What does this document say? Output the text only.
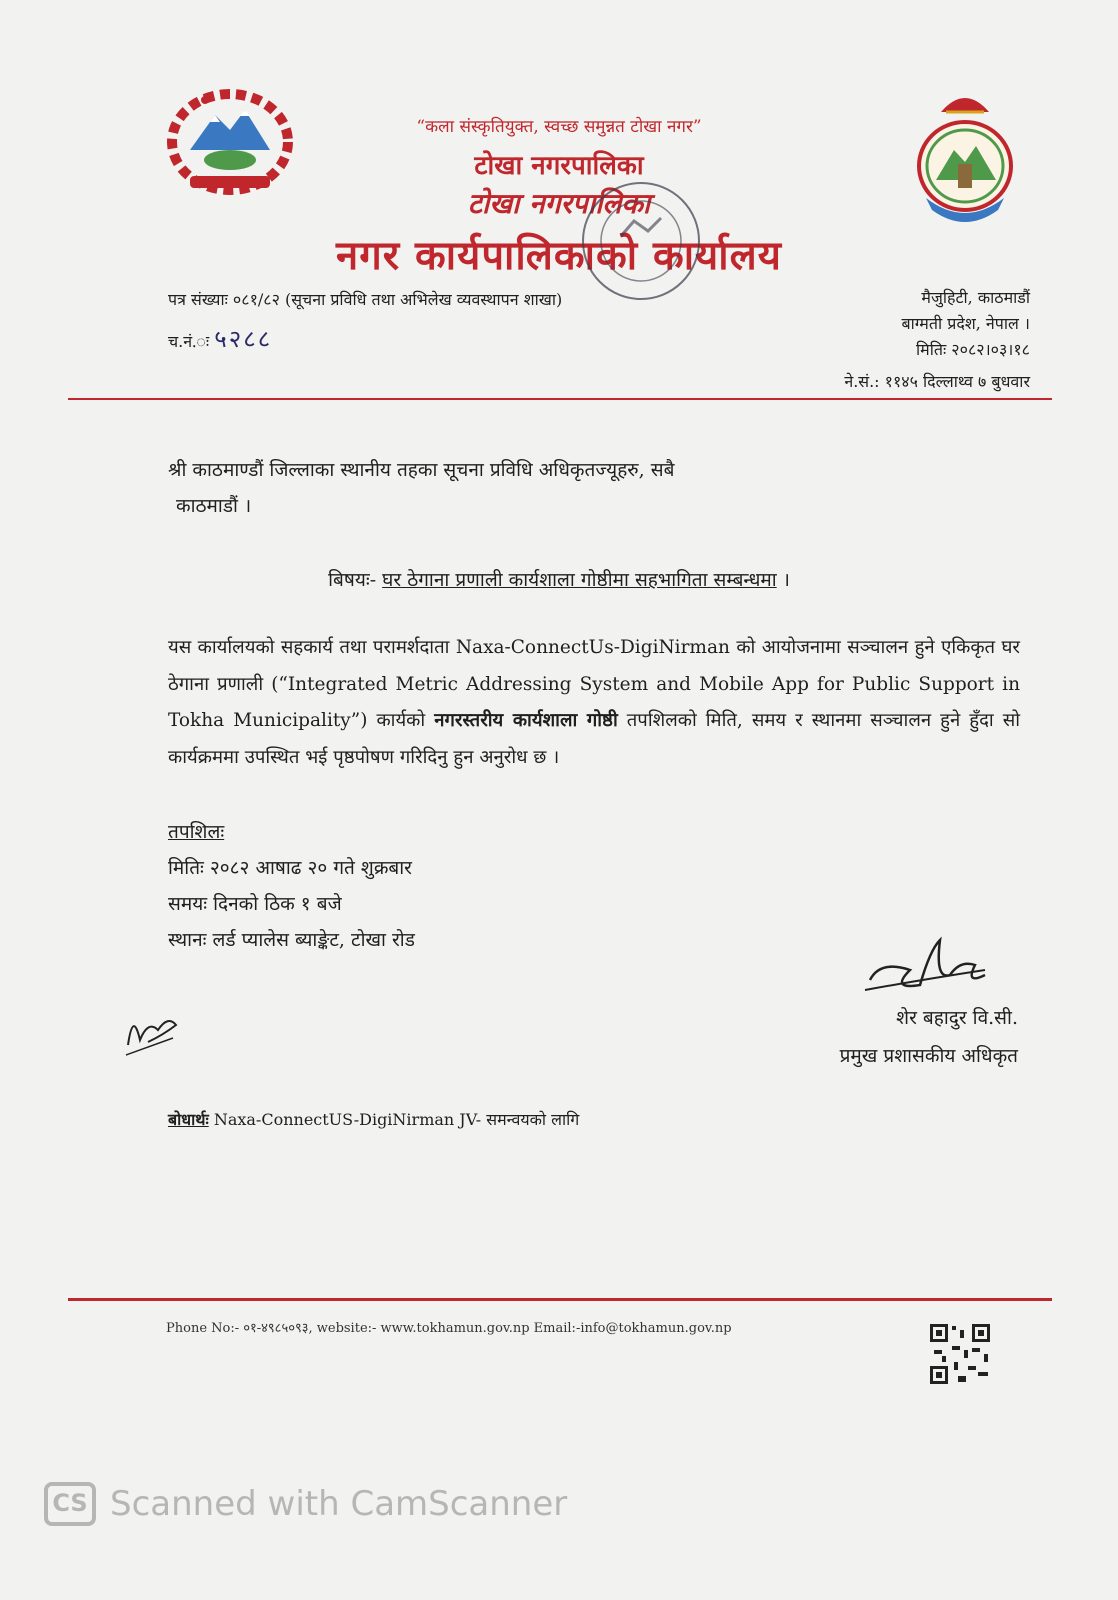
“कला संस्कृतियुक्त, स्वच्छ समुन्नत टोखा नगर”
टोखा नगरपालिका
टोखा नगरपालिका
नगर कार्यपालिकाको कार्यालय
पत्र संख्याः ०८१/८२ (सूचना प्रविधि तथा अभिलेख व्यवस्थापन शाखा)
च.नं.ः ५२८८
मैजुहिटी, काठमाडौं
बाग्मती प्रदेश, नेपाल ।
मितिः २०८२।०३।१८
ने.सं.: ११४५ दिल्लाथ्व ७ बुधवार
श्री काठमाण्डौं जिल्लाका स्थानीय तहका सूचना प्रविधि अधिकृतज्यूहरु, सबै
काठमाडौं ।
बिषयः- घर ठेगाना प्रणाली कार्यशाला गोष्ठीमा सहभागिता सम्बन्धमा ।
यस कार्यालयको सहकार्य तथा परामर्शदाता Naxa-ConnectUs-DigiNirman को आयोजनामा सञ्चालन हुने एकिकृत घर ठेगाना प्रणाली (“Integrated Metric Addressing System and Mobile App for Public Support in Tokha Municipality”) कार्यको नगरस्तरीय कार्यशाला गोष्ठी तपशिलको मिति, समय र स्थानमा सञ्चालन हुने हुँदा सो कार्यक्रममा उपस्थित भई पृष्ठपोषण गरिदिनु हुन अनुरोध छ ।
तपशिलः
मितिः २०८२ आषाढ २० गते शुक्रबार
समयः दिनको ठिक १ बजे
स्थानः लर्ड प्यालेस ब्याङ्केट, टोखा रोड
शेर बहादुर वि.सी.
प्रमुख प्रशासकीय अधिकृत
बोधार्थः Naxa-ConnectUS-DigiNirman JV- समन्वयको लागि
Phone No:- ०१-४९८५०९३, website:- www.tokhamun.gov.np Email:-info@tokhamun.gov.np
CS Scanned with CamScanner
